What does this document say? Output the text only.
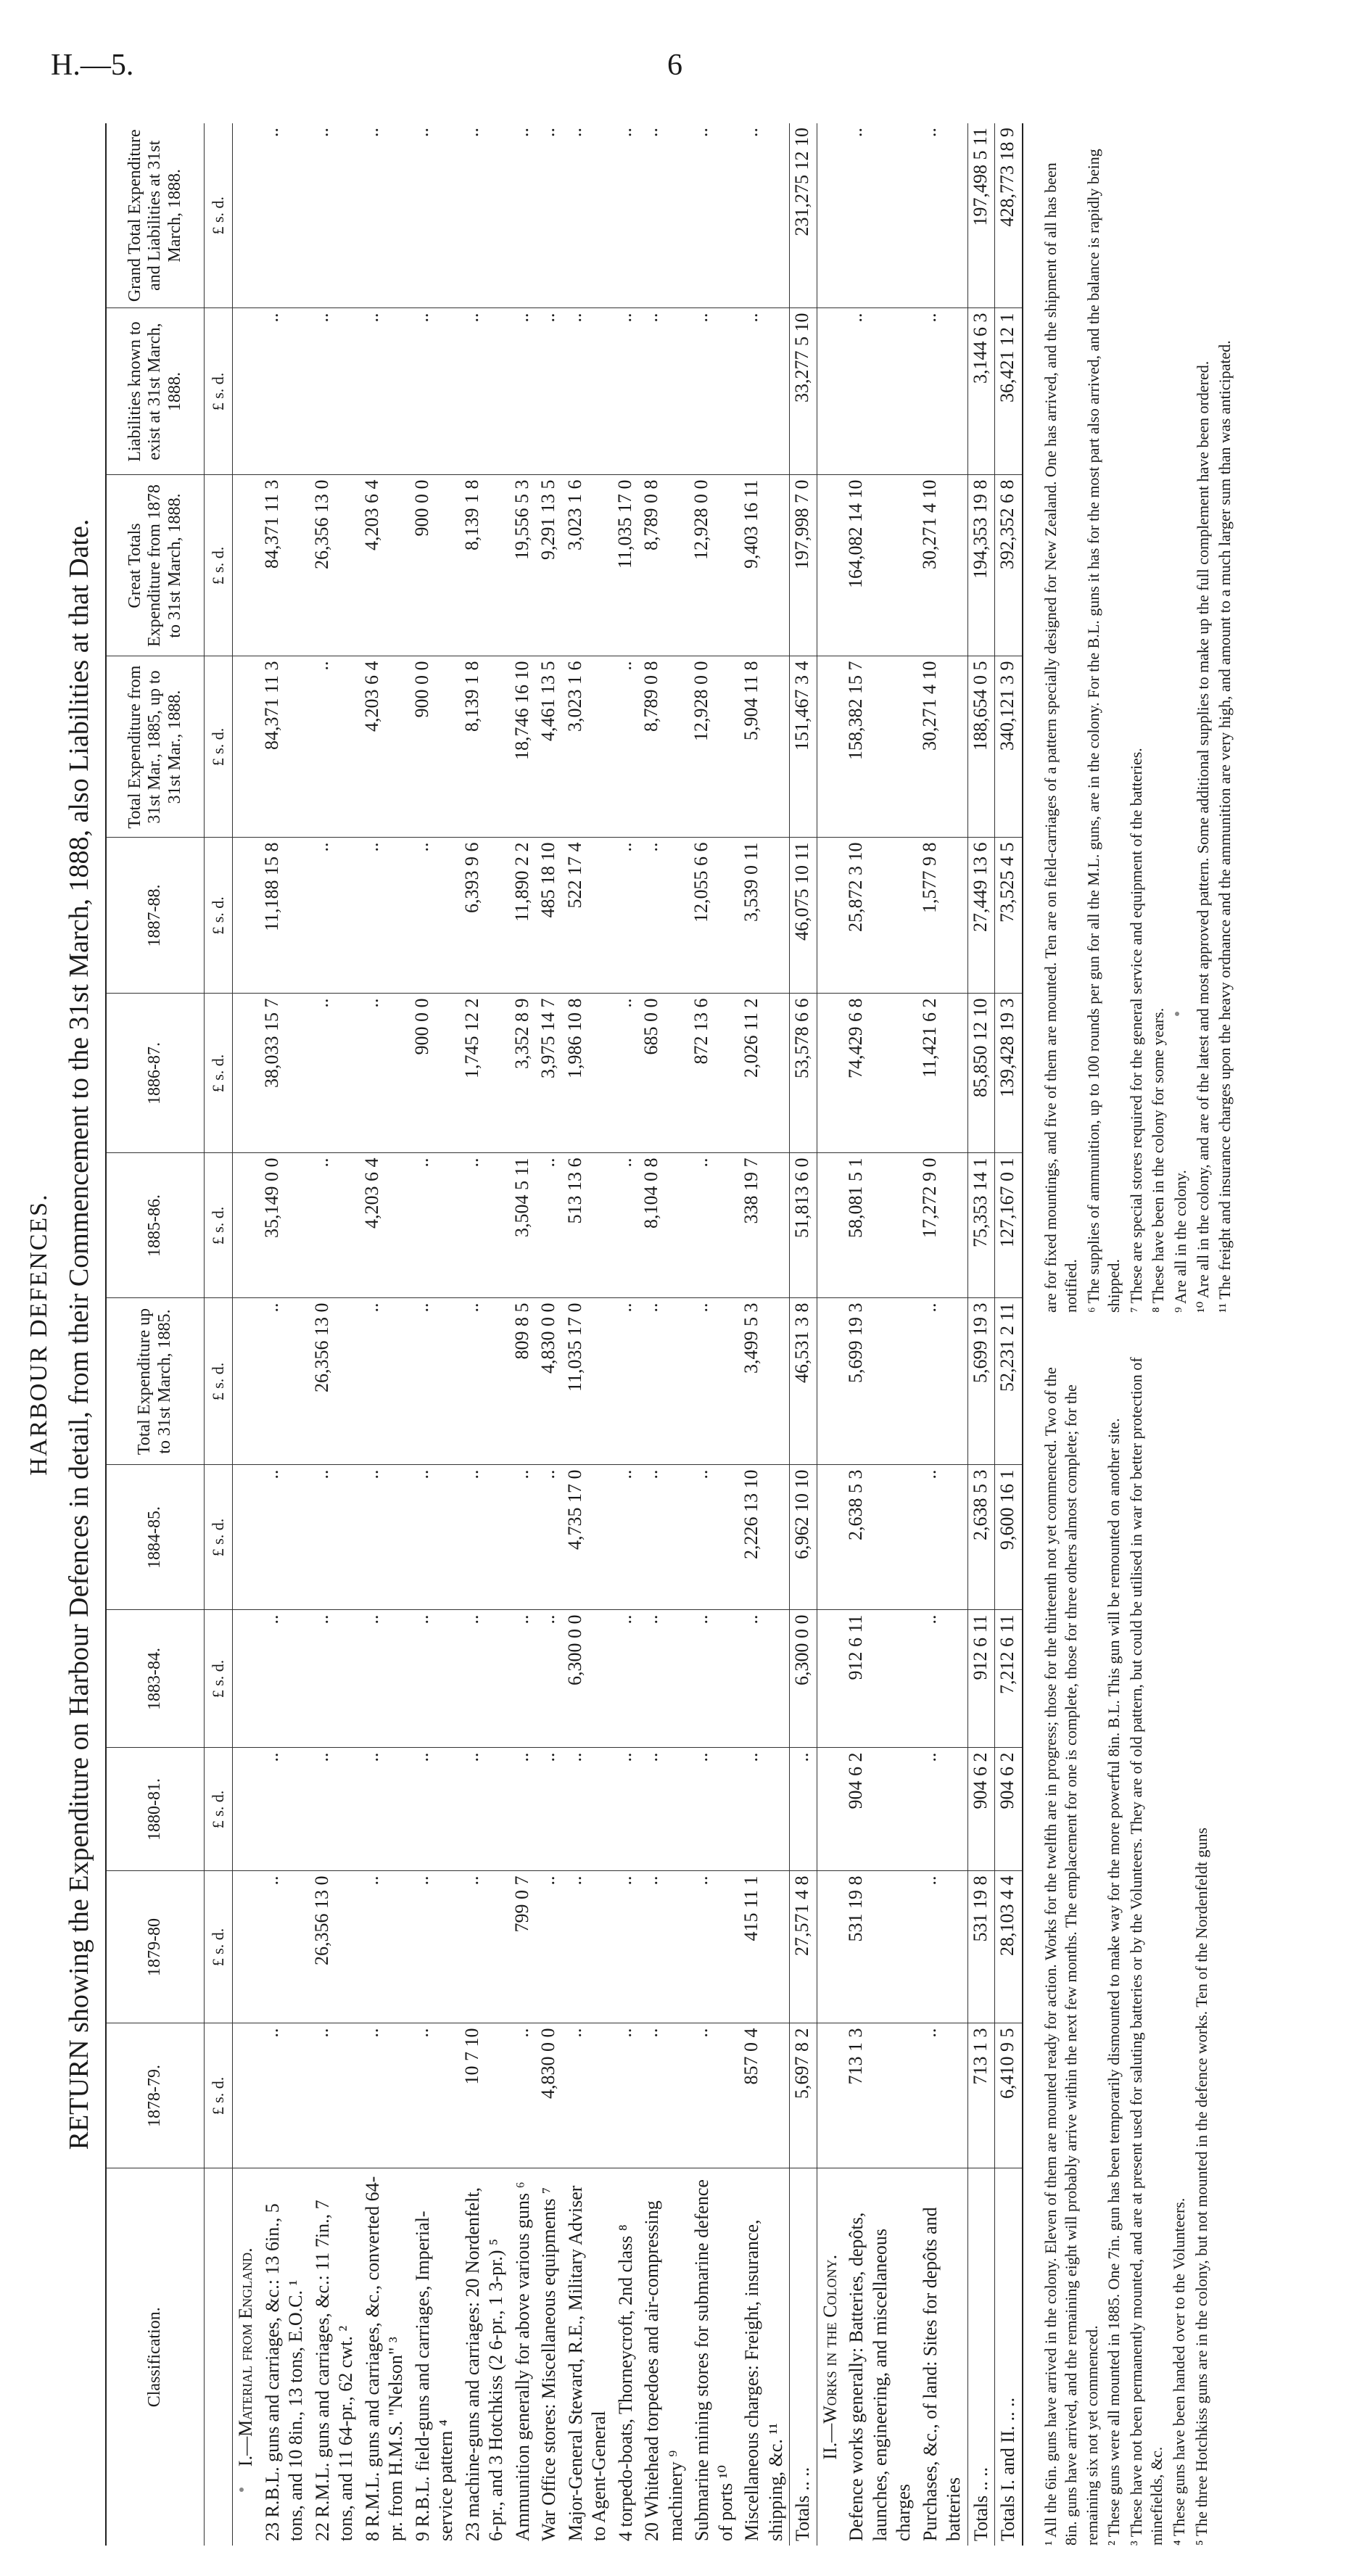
H.—5.	6
HARBOUR DEFENCES. RETURN showing the Expenditure on Harbour Defences in detail, from their Commencement to the 31st March, 1888, also Liabilities at that Date.
Classification.	1878-79.	1879-80	1880-81.	1883-84.	1884-85.	Total Expenditure up to 31st March, 1885.	1885-86.	1886-87.	1887-88.	Total Expenditure from 31st Mar., 1885, up to 31st Mar., 1888.	Great Totals Expenditure from 1878 to 31st March, 1888.	Liabilities known to exist at 31st March, 1888.	Grand Total Expenditure and Liabilities at 31st March, 1888.
	£ s. d.	£ s. d.	£ s. d.	£ s. d.	£ s. d.	£ s. d.	£ s. d.	£ s. d.	£ s. d.	£ s. d.	£ s. d.	£ s. d.	£ s. d.
I.—Material from England.													
23 R.B.L. guns and carriages, &c.: 13 6in., 5 tons, and 10 8in., 13 tons, E.O.C. ¹	..	..	..	..	..	..	35,149 0 0	38,033 15 7	11,188 15 8	84,371 11 3	84,371 11 3	..	..
22 R.M.L. guns and carriages, &c.: 11 7in., 7 tons, and 11 64-pr., 62 cwt. ²	..	26,356 13 0	..	..	..	26,356 13 0	..	..	..	..	26,356 13 0	..	..
8 R.M.L. guns and carriages, &c., converted 64-pr. from H.M.S. "Nelson" ³	..	..	..	..	..	..	4,203 6 4	..	..	4,203 6 4	4,203 6 4	..	..
9 R.B.L. field-guns and carriages, Imperial-service pattern ⁴	..	..	..	..	..	..	..	900 0 0	..	900 0 0	900 0 0	..	..
23 machine-guns and carriages: 20 Nordenfelt, 6-pr., and 3 Hotchkiss (2 6-pr., 1 3-pr.) ⁵	10 7 10	..	..	..	..	..	..	1,745 12 2	6,393 9 6	8,139 1 8	8,139 1 8	..	..
Ammunition generally for above various guns ⁶	..	799 0 7	..	..	..	809 8 5	3,504 5 11	3,352 8 9	11,890 2 2	18,746 16 10	19,556 5 3	..	..
War Office stores: Miscellaneous equipments ⁷	4,830 0 0	..	..	..	..	4,830 0 0	..	3,975 14 7	485 18 10	4,461 13 5	9,291 13 5	..	..
Major-General Steward, R.E., Military Adviser to Agent-General	..	..	..	6,300 0 0	4,735 17 0	11,035 17 0	513 13 6	1,986 10 8	522 17 4	3,023 1 6	3,023 1 6	..	..
4 torpedo-boats, Thorneycroft, 2nd class ⁸	..	..	..	..	..	..	..	..	..	..	11,035 17 0	..	..
20 Whitehead torpedoes and air-compressing machinery ⁹	..	..	..	..	..	..	8,104 0 8	685 0 0	..	8,789 0 8	8,789 0 8	..	..
Submarine mining stores for submarine defence of ports ¹⁰	..	..	..	..	..	..	..	872 13 6	12,055 6 6	12,928 0 0	12,928 0 0	..	..
Miscellaneous charges: Freight, insurance, shipping, &c. ¹¹	857 0 4	415 11 1	..	..	2,226 13 10	3,499 5 3	338 19 7	2,026 11 2	3,539 0 11	5,904 11 8	9,403 16 11	..	..
Totals .. ..	5,697 8 2	27,571 4 8	..	6,300 0 0	6,962 10 10	46,531 3 8	51,813 6 0	53,578 6 6	46,075 10 11	151,467 3 4	197,998 7 0	33,277 5 10	231,275 12 10
II.—Works in the Colony.													
Defence works generally: Batteries, depôts, launches, engineering, and miscellaneous charges	713 1 3	531 19 8	904 6 2	912 6 11	2,638 5 3	5,699 19 3	58,081 5 1	74,429 6 8	25,872 3 10	158,382 15 7	164,082 14 10	..	..
Purchases, &c., of land: Sites for depôts and batteries	..	..	..	..	..	..	17,272 9 0	11,421 6 2	1,577 9 8	30,271 4 10	30,271 4 10	..	..
Totals .. ..	713 1 3	531 19 8	904 6 2	912 6 11	2,638 5 3	5,699 19 3	75,353 14 1	85,850 12 10	27,449 13 6	188,654 0 5	194,353 19 8	3,144 6 3	197,498 5 11
Totals I. and II. .. ..	6,410 9 5	28,103 4 4	904 6 2	7,212 6 11	9,600 16 1	52,231 2 11	127,167 0 1	139,428 19 3	73,525 4 5	340,121 3 9	392,352 6 8	36,421 12 1	428,773 18 9

¹ All the 6in. guns have arrived in the colony. Eleven of them are mounted ready for action. Works for the twelfth are in progress; those for the thirteenth not yet commenced. Two of the 8in. guns have arrived, and the remaining eight will probably arrive within the next few months. The emplacement for one is complete, those for three others almost complete; for the remaining six not yet commenced. ² These guns were all mounted in 1885. One 7in. gun has been temporarily dismounted to make way for the more powerful 8in. B.L. This gun will be remounted on another site. ³ These have not been permanently mounted, and are at present used for saluting batteries or by the Volunteers. They are of old pattern, but could be utilised in war for better protection of minefields, &c. ⁴ These guns have been handed over to the Volunteers. ⁵ The three Hotchkiss guns are in the colony, but not mounted in the defence works. Ten of the Nordenfeldt guns

are for fixed mountings, and five of them are mounted. Ten are on field-carriages of a pattern specially designed for New Zealand. One has arrived, and the shipment of all has been notified. ⁶ The supplies of ammunition, up to 100 rounds per gun for all the M.L. guns, are in the colony. For the B.L. guns it has for the most part also arrived, and the balance is rapidly being shipped. ⁷ These are special stores required for the general service and equipment of the batteries. ⁸ These have been in the colony for some years. ⁹ Are all in the colony. ¹⁰ Are all in the colony, and are of the latest and most approved pattern. Some additional supplies to make up the full complement have been ordered. ¹¹ The freight and insurance charges upon the heavy ordnance and the ammunition are very high, and amount to a much larger sum than was anticipated.
